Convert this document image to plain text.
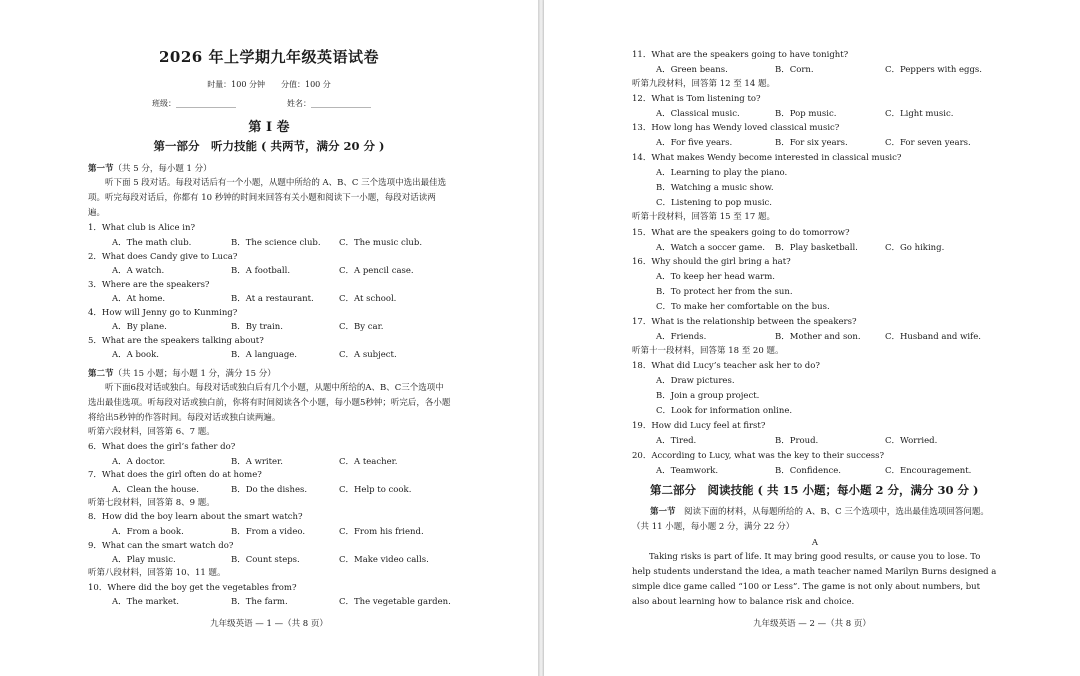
2026 年上学期九年级英语试卷
时量：100 分钟　　分值：100 分
班级：_______________	姓名：_______________
第 I 卷
第一部分　听力技能 ( 共两节，满分 20 分 )
第一节（共 5 分，每小题 1 分）
　　听下面 5 段对话。每段对话后有一个小题，从题中所给的 A、B、C 三个选项中选出最佳选项。听完每段对话后，你都有 10 秒钟的时间来回答有关小题和阅读下一小题，每段对话读两遍。
1．What club is Alice in?
A．The math club.	B．The science club. C．The music club.
2．What does Candy give to Luca?
A．A watch.	B．A football.	C．A pencil case.
3．Where are the speakers?
A．At home.	B．At a restaurant.	C．At school.
4．How will Jenny go to Kunming?
A．By plane.	B．By train.	C．By car.
5．What are the speakers talking about?
A．A book.	B．A language.	C．A subject.
第二节（共 15 小题；每小题 1 分，满分 15 分）
　　听下面6段对话或独白。每段对话或独白后有几个小题，从题中所给的A、B、C三个选项中选出最佳选项。听每段对话或独白前，你将有时间阅读各个小题，每小题5秒钟；听完后，各小题将给出5秒钟的作答时间。每段对话或独白读两遍。
听第六段材料，回答第 6、7 题。
6．What does the girl’s father do?
A．A doctor.	B．A writer.	C．A teacher.
7．What does the girl often do at home?
A．Clean the house.	B．Do the dishes.	C．Help to cook.
听第七段材料，回答第 8、9 题。
8．How did the boy learn about the smart watch?
A．From a book.	B．From a video.	C．From his friend.
9．What can the smart watch do?
A．Play music.	B．Count steps.	C．Make video calls.
听第八段材料，回答第 10、11 题。
10．Where did the boy get the vegetables from?
A．The market.	B．The farm.	C．The vegetable garden.
九年级英语 — 1 —（共 8 页）
11．What are the speakers going to have tonight?
A．Green beans.	B．Corn.	C．Peppers with eggs.
听第九段材料，回答第 12 至 14 题。
12．What is Tom listening to?
A．Classical music.	B．Pop music.	C．Light music.
13．How long has Wendy loved classical music?
A．For five years.	B．For six years.	C．For seven years.
14．What makes Wendy become interested in classical music?
A．Learning to play the piano.
B．Watching a music show.
C．Listening to pop music.
听第十段材料，回答第 15 至 17 题。
15．What are the speakers going to do tomorrow?
A．Watch a soccer game. B．Play basketball.	C．Go hiking.
16．Why should the girl bring a hat?
A．To keep her head warm.
B．To protect her from the sun.
C．To make her comfortable on the bus.
17．What is the relationship between the speakers?
A．Friends.	B．Mother and son.	C．Husband and wife.
听第十一段材料，回答第 18 至 20 题。
18．What did Lucy’s teacher ask her to do?
A．Draw pictures.
B．Join a group project.
C．Look for information online.
19．How did Lucy feel at first?
A．Tired.	B．Proud.	C．Worried.
20．According to Lucy, what was the key to their success?
A．Teamwork.	B．Confidence.	C．Encouragement.
第二部分　阅读技能 ( 共 15 小题；每小题 2 分，满分 30 分 )
第一节　 阅读下面的材料，从每题所给的 A、B、C 三个选项中，选出最佳选项回答问题。（共 11 小题，每小题 2 分，满分 22 分）
A
　　Taking risks is part of life. It may bring good results, or cause you to lose. To help students understand the idea, a math teacher named Marilyn Burns designed a simple dice game called “100 or Less”. The game is not only about numbers, but also about learning how to balance risk and choice.
九年级英语 — 2 —（共 8 页）
